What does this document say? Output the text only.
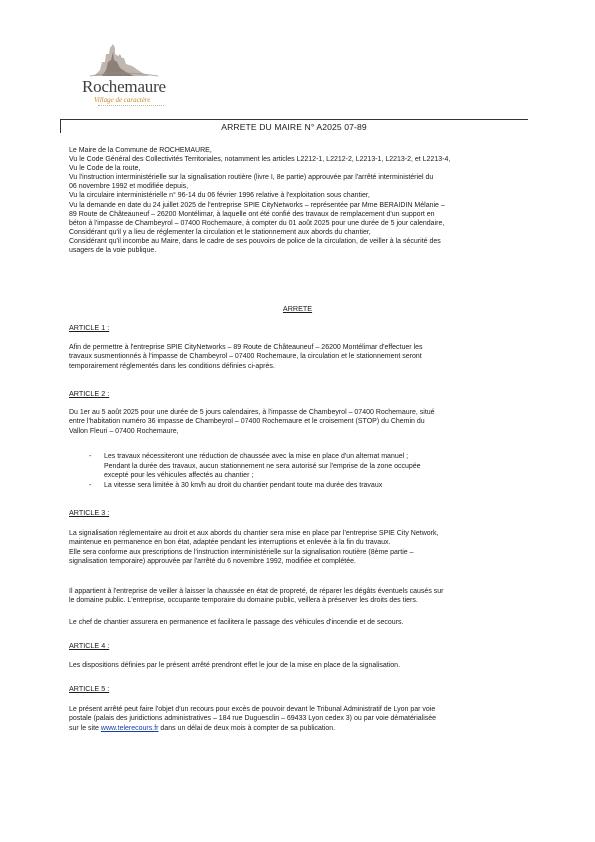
Rochemaure
Village de caractère
ARRETE DU MAIRE N° A2025 07-89
Le Maire de la Commune de ROCHEMAURE,
Vu le Code Général des Collectivités Territoriales, notamment les articles L2212-1, L2212-2, L2213-1, L2213-2, et L2213-4,
Vu le Code de la route,
Vu l'instruction interministérielle sur la signalisation routière (livre I, 8e partie) approuvée par l'arrêté interministériel du
06 novembre 1992 et modifiée depuis,
Vu la circulaire interministérielle n° 96-14 du 06 février 1996 relative à l'exploitation sous chantier,
Vu la demande en date du 24 juillet 2025 de l'entreprise SPIE CityNetworks – représentée par Mme BERAIDIN Mélanie –
89 Route de Châteauneuf – 26200 Montélimar, à laquelle ont été confié des travaux de remplacement d'un support en
béton à l'impasse de Chambeyrol – 07400 Rochemaure, à compter du 01 août 2025 pour une durée de 5 jour calendaire,
Considérant qu'il y a lieu de réglementer la circulation et le stationnement aux abords du chantier,
Considérant qu'il incombe au Maire, dans le cadre de ses pouvoirs de police de la circulation, de veiller à la sécurité des
usagers de la voie publique.
ARRETE
ARTICLE 1 :
Afin de permettre à l'entreprise SPIE CityNetworks – 89 Route de Châteauneuf – 26200 Montélimar d'effectuer les
travaux susmentionnés à l'impasse de Chambeyrol – 07400 Rochemaure, la circulation et le stationnement seront
temporairement réglementés dans les conditions définies ci-après.
ARTICLE 2 :
Du 1er au 5 août 2025 pour une durée de 5 jours calendaires, à l'impasse de Chambeyrol – 07400 Rochemaure, situé
entre l'habitation numéro 36 impasse de Chambeyrol – 07400 Rochemaure et le croisement (STOP) du Chemin du
Vallon Fleuri – 07400 Rochemaure,
- Les travaux nécessiteront une réduction de chaussée avec la mise en place d'un alternat manuel ;
Pendant la durée des travaux, aucun stationnement ne sera autorisé sur l'emprise de la zone occupée
excepté pour les véhicules affectés au chantier ;
- La vitesse sera limitée à 30 km/h au droit du chantier pendant toute ma durée des travaux
ARTICLE 3 :
La signalisation réglementaire au droit et aux abords du chantier sera mise en place par l'entreprise SPIE City Network,
maintenue en permanence en bon état, adaptée pendant les interruptions et enlevée à la fin du travaux.
Elle sera conforme aux prescriptions de l'instruction interministérielle sur la signalisation routière (8ème partie –
signalisation temporaire) approuvée par l'arrêté du 6 novembre 1992, modifiée et complétée.
Il appartient à l'entreprise de veiller à laisser la chaussée en état de propreté, de réparer les dégâts éventuels causés sur
le domaine public. L'entreprise, occupante temporaire du domaine public, veillera à préserver les droits des tiers.
Le chef de chantier assurera en permanence et facilitera le passage des véhicules d'incendie et de secours.
ARTICLE 4 :
Les dispositions définies par le présent arrêté prendront effet le jour de la mise en place de la signalisation.
ARTICLE 5 :
Le présent arrêté peut faire l'objet d'un recours pour excès de pouvoir devant le Tribunal Administratif de Lyon par voie
postale (palais des juridictions administratives – 184 rue Duguesclin – 69433 Lyon cedex 3) ou par voie dématérialisée
sur le site www.telerecours.fr dans un délai de deux mois à compter de sa publication.
